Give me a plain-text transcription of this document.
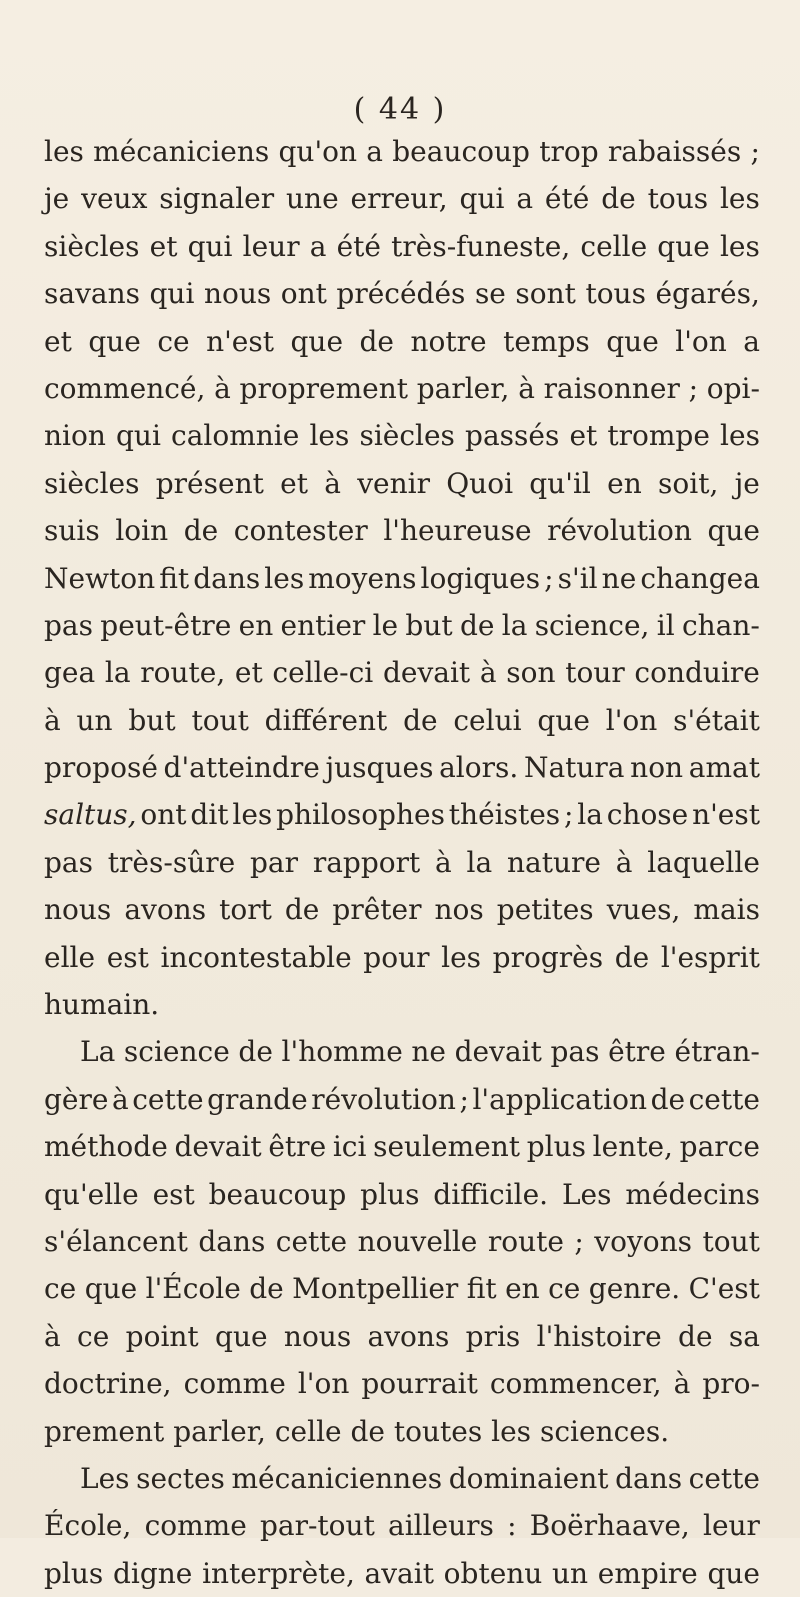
( 44 )
les mécaniciens qu'on a beaucoup trop rabaissés ;
je veux signaler une erreur, qui a été de tous les
siècles et qui leur a été très-funeste, celle que les
savans qui nous ont précédés se sont tous égarés,
et que ce n'est que de notre temps que l'on a
commencé, à proprement parler, à raisonner ; opi-
nion qui calomnie les siècles passés et trompe les
siècles présent et à venir Quoi qu'il en soit, je
suis loin de contester l'heureuse révolution que
Newton fit dans les moyens logiques ; s'il ne changea
pas peut-être en entier le but de la science, il chan-
gea la route, et celle-ci devait à son tour conduire
à un but tout différent de celui que l'on s'était
proposé d'atteindre jusques alors. Natura non amat
saltus, ont dit les philosophes théistes ; la chose n'est
pas très-sûre par rapport à la nature à laquelle
nous avons tort de prêter nos petites vues, mais
elle est incontestable pour les progrès de l'esprit
humain.
La science de l'homme ne devait pas être étran-
gère à cette grande révolution ; l'application de cette
méthode devait être ici seulement plus lente, parce
qu'elle est beaucoup plus difficile. Les médecins
s'élancent dans cette nouvelle route ; voyons tout
ce que l'École de Montpellier fit en ce genre. C'est
à ce point que nous avons pris l'histoire de sa
doctrine, comme l'on pourrait commencer, à pro-
prement
parler,
celle
de
toutes
les
sciences.
Les sectes mécaniciennes dominaient dans cette
École, comme par-tout ailleurs : Boërhaave, leur
plus digne interprète, avait obtenu un empire que
